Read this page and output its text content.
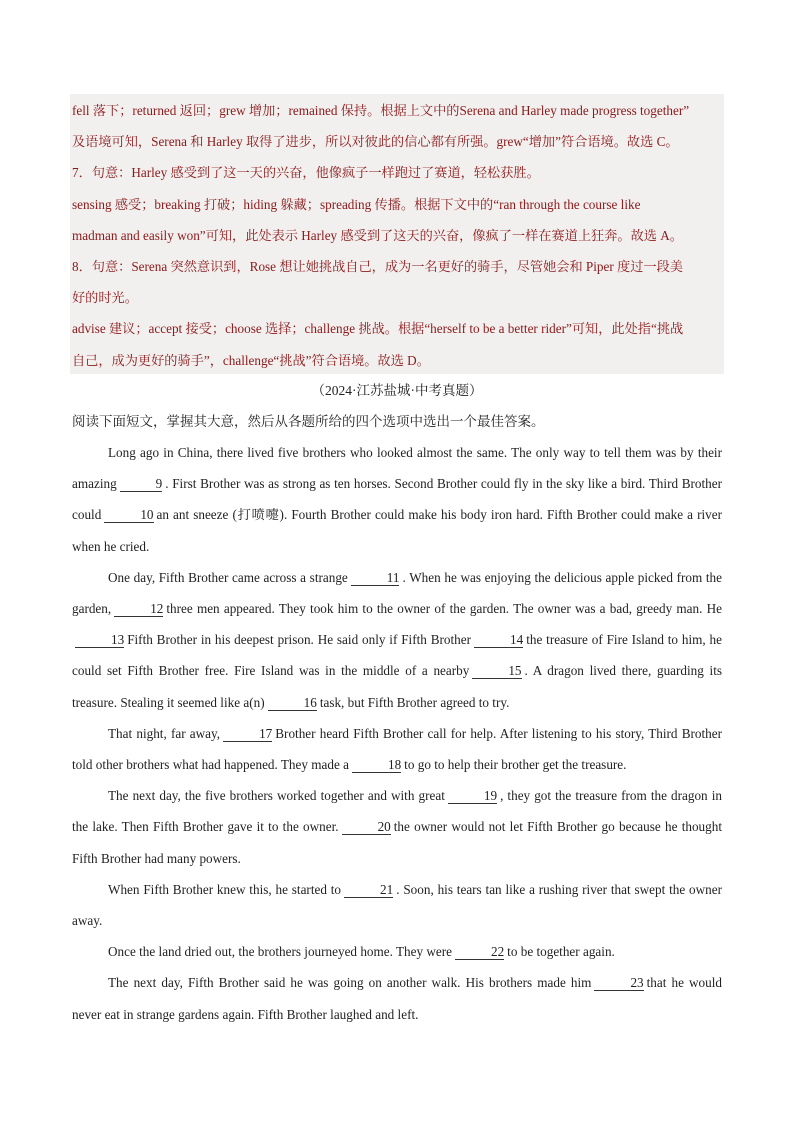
fell 落下；returned 返回；grew 增加；remained 保持。根据上文中的Serena and Harley made progress together”

及语境可知，Serena 和 Harley 取得了进步，所以对彼此的信心都有所强。grew“增加”符合语境。故选 C。

7．句意：Harley 感受到了这一天的兴奋，他像疯子一样跑过了赛道，轻松获胜。

sensing 感受；breaking 打破；hiding 躲藏；spreading 传播。根据下文中的“ran through the course like

madman and easily won”可知，此处表示 Harley 感受到了这天的兴奋，像疯了一样在赛道上狂奔。故选 A。

8．句意：Serena 突然意识到，Rose 想让她挑战自己，成为一名更好的骑手，尽管她会和 Piper 度过一段美

好的时光。

advise 建议；accept 接受；choose 选择；challenge 挑战。根据“herself to be a better rider”可知，此处指“挑战

自己，成为更好的骑手”，challenge“挑战”符合语境。故选 D。

（2024·江苏盐城·中考真题）
阅读下面短文，掌握其大意，然后从各题所给的四个选项中选出一个最佳答案。

Long ago in China, there lived five brothers who looked almost the same. The only way to tell them was by their amazing	9 . First Brother was as strong as ten horses. Second Brother could fly in the sky like a bird. Third Brother could	10 an ant sneeze (打喷嚏). Fourth Brother could make his body iron hard. Fifth Brother could make a river when he cried.

One day, Fifth Brother came across a strange	11 . When he was enjoying the delicious apple picked from the garden,	12 three men appeared. They took him to the owner of the garden. The owner was a bad, greedy man. He13 Fifth Brother in his deepest prison. He said only if Fifth Brother	14 the treasure of Fire Island to him, he could set Fifth Brother free. Fire Island was in the middle of a nearby	15 . A dragon lived there, guarding its treasure. Stealing it seemed like a(n)	16 task, but Fifth Brother agreed to try.

That night, far away,	17 Brother heard Fifth Brother call for help. After listening to his story, Third Brother told other brothers what had happened. They made a	18 to go to help their brother get the treasure.

The next day, the five brothers worked together and with great	19 , they got the treasure from the dragon in the lake. Then Fifth Brother gave it to the owner.	20 the owner would not let Fifth Brother go because he thought Fifth Brother had many powers.

When Fifth Brother knew this, he started to	21 . Soon, his tears tan like a rushing river that swept the owner away.

Once the land dried out, the brothers journeyed home. They were	22 to be together again.

The next day, Fifth Brother said he was going on another walk. His brothers made him	23 that he would never eat in strange gardens again. Fifth Brother laughed and left.
